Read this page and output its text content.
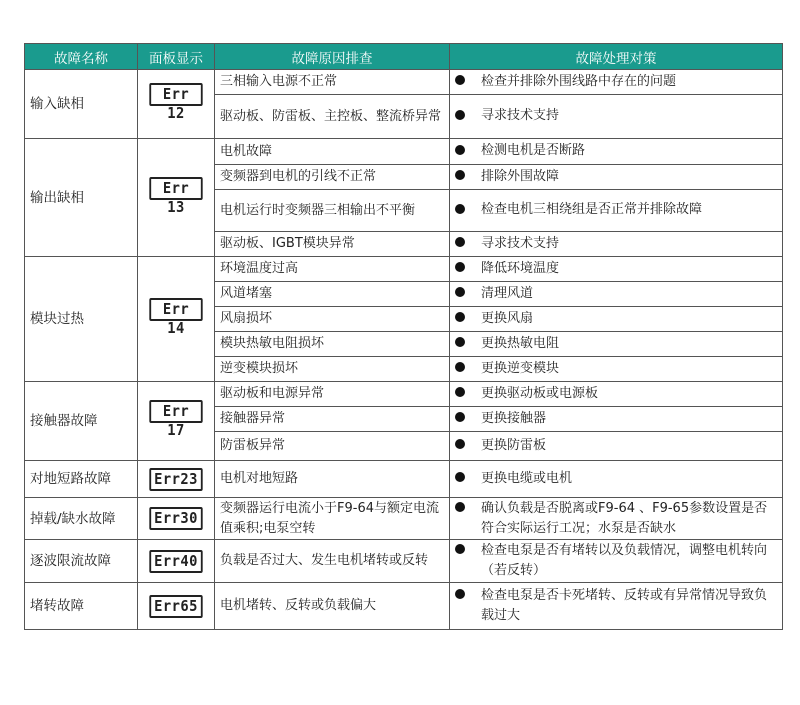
故障名称	面板显示	故障原因排查	故障处理对策
输入缺相	Err 12	三相输入电源不正常	检查并排除外围线路中存在的问题
		驱动板、防雷板、主控板、整流桥异常	寻求技术支持
输出缺相	Err 13	电机故障	检测电机是否断路
		变频器到电机的引线不正常	排除外围故障
		电机运行时变频器三相输出不平衡	检查电机三相绕组是否正常并排除故障
		驱动板、IGBT模块异常	寻求技术支持
模块过热	Err 14	环境温度过高	降低环境温度
		风道堵塞	清理风道
		风扇损坏	更换风扇
		模块热敏电阻损坏	更换热敏电阻
		逆变模块损坏	更换逆变模块
接触器故障	Err 17	驱动板和电源异常	更换驱动板或电源板
		接触器异常	更换接触器
		防雷板异常	更换防雷板
对地短路故障	Err23	电机对地短路	更换电缆或电机
掉载/缺水故障	Err30	变频器运行电流小于F9-64与额定电流值乘积;电泵空转	确认负载是否脱离或F9-64 、F9-65参数设置是否符合实际运行工况；水泵是否缺水
逐波限流故障	Err40	负载是否过大、发生电机堵转或反转	检查电泵是否有堵转以及负载情况，调整电机转向（若反转）
堵转故障	Err65	电机堵转、反转或负载偏大	检查电泵是否卡死堵转、反转或有异常情况导致负载过大
